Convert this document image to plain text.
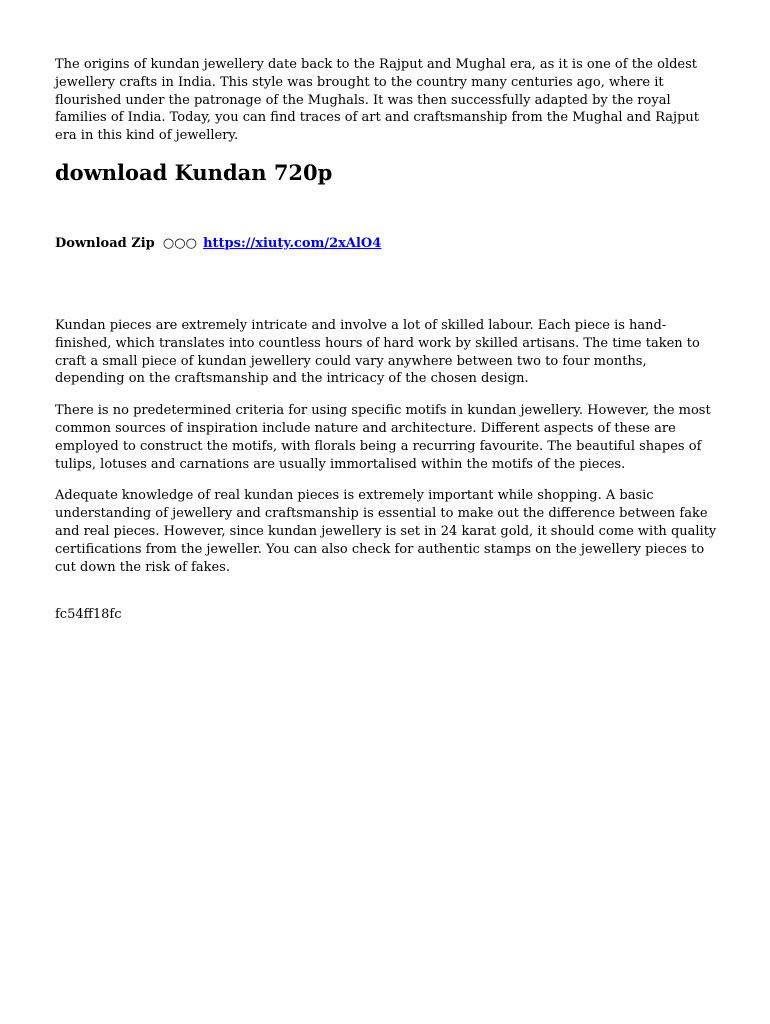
The origins of kundan jewellery date back to the Rajput and Mughal era, as it is one of the oldest jewellery crafts in India. This style was brought to the country many centuries ago, where it flourished under the patronage of the Mughals. It was then successfully adapted by the royal families of India. Today, you can find traces of art and craftsmanship from the Mughal and Rajput era in this kind of jewellery.

download Kundan 720p
Download Zip ○○○ https://xiuty.com/2xAlO4

Kundan pieces are extremely intricate and involve a lot of skilled labour. Each piece is hand-finished, which translates into countless hours of hard work by skilled artisans. The time taken to craft a small piece of kundan jewellery could vary anywhere between two to four months, depending on the craftsmanship and the intricacy of the chosen design.

There is no predetermined criteria for using specific motifs in kundan jewellery. However, the most common sources of inspiration include nature and architecture. Different aspects of these are employed to construct the motifs, with florals being a recurring favourite. The beautiful shapes of tulips, lotuses and carnations are usually immortalised within the motifs of the pieces.

Adequate knowledge of real kundan pieces is extremely important while shopping. A basic understanding of jewellery and craftsmanship is essential to make out the difference between fake and real pieces. However, since kundan jewellery is set in 24 karat gold, it should come with quality certifications from the jeweller. You can also check for authentic stamps on the jewellery pieces to cut down the risk of fakes.

fc54ff18fc
